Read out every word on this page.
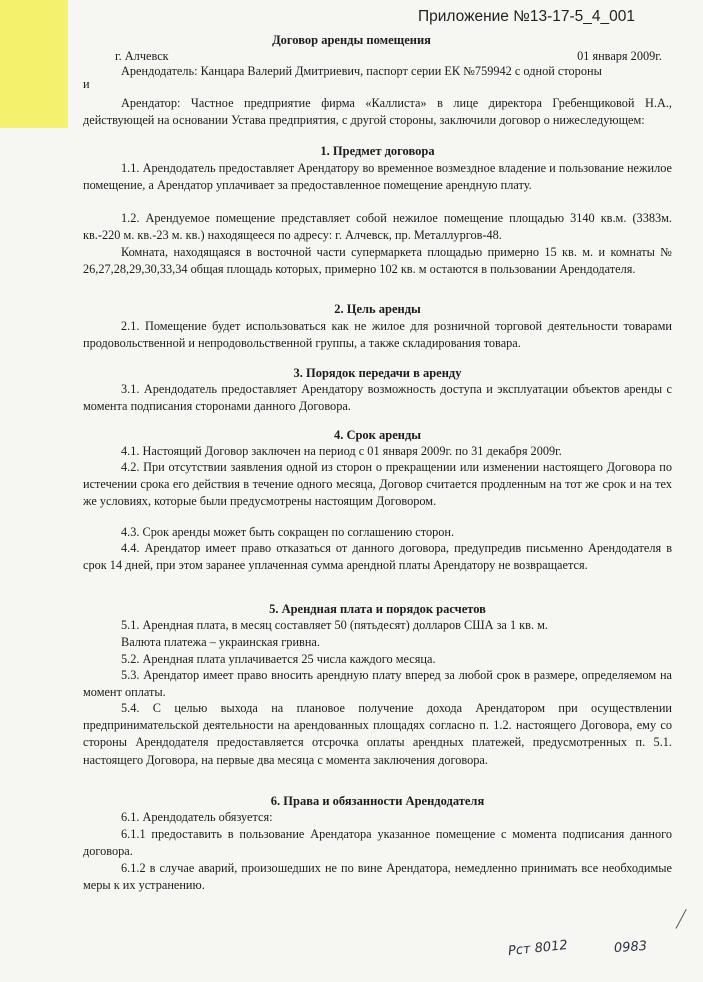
Приложение №13-17-5_4_001
Договор аренды помещения
г. Алчевск	01 января 2009г.

Арендодатель: Канцара Валерий Дмитриевич, паспорт серии ЕК №759942 с одной стороны

и

Арендатор: Частное предприятие фирма «Каллиста» в лице директора Гребенщиковой Н.А., действующей на основании Устава предприятия, с другой стороны, заключили договор о нижеследующем:

1. Предмет договора

1.1. Арендодатель предоставляет Арендатору во временное возмездное владение и пользование нежилое помещение, а Арендатор уплачивает за предоставленное помещение арендную плату.

1.2. Арендуемое помещение представляет собой нежилое помещение площадью 3140 кв.м. (3383м. кв.-220 м. кв.-23 м. кв.) находящееся по адресу: г. Алчевск, пр. Металлургов-48.

Комната, находящаяся в восточной части супермаркета площадью примерно 15 кв. м. и комнаты № 26,27,28,29,30,33,34 общая площадь которых, примерно 102 кв. м остаются в пользовании Арендодателя.

2. Цель аренды

2.1. Помещение будет использоваться как не жилое для розничной торговой деятельности товарами продовольственной и непродовольственной группы, а также складирования товара.

3. Порядок передачи в аренду

3.1. Арендодатель предоставляет Арендатору возможность доступа и эксплуатации объектов аренды с момента подписания сторонами данного Договора.

4. Срок аренды

4.1. Настоящий Договор заключен на период с 01 января 2009г. по 31 декабря 2009г.

4.2. При отсутствии заявления одной из сторон о прекращении или изменении настоящего Договора по истечении срока его действия в течение одного месяца, Договор считается продленным на тот же срок и на тех же условиях, которые были предусмотрены настоящим Договором.

4.3. Срок аренды может быть сокращен по соглашению сторон.

4.4. Арендатор имеет право отказаться от данного договора, предупредив письменно Арендодателя в срок 14 дней, при этом заранее уплаченная сумма арендной платы Арендатору не возвращается.

5. Арендная плата и порядок расчетов

5.1. Арендная плата, в месяц составляет 50 (пятьдесят) долларов США за 1 кв. м.

Валюта платежа – украинская гривна.

5.2. Арендная плата уплачивается 25 числа каждого месяца.

5.3. Арендатор имеет право вносить арендную плату вперед за любой срок в размере, определяемом на момент оплаты.

5.4. С целью выхода на плановое получение дохода Арендатором при осуществлении предпринимательской деятельности на арендованных площадях согласно п. 1.2. настоящего Договора, ему со стороны Арендодателя предоставляется отсрочка оплаты арендных платежей, предусмотренных п. 5.1. настоящего Договора, на первые два месяца с момента заключения договора.

6. Права и обязанности Арендодателя

6.1. Арендодатель обязуется:

6.1.1 предоставить в пользование Арендатора указанное помещение с момента подписания данного договора.

6.1.2 в случае аварий, произошедших не по вине Арендатора, немедленно принимать все необходимые меры к их устранению.

Рст 8012	0983
